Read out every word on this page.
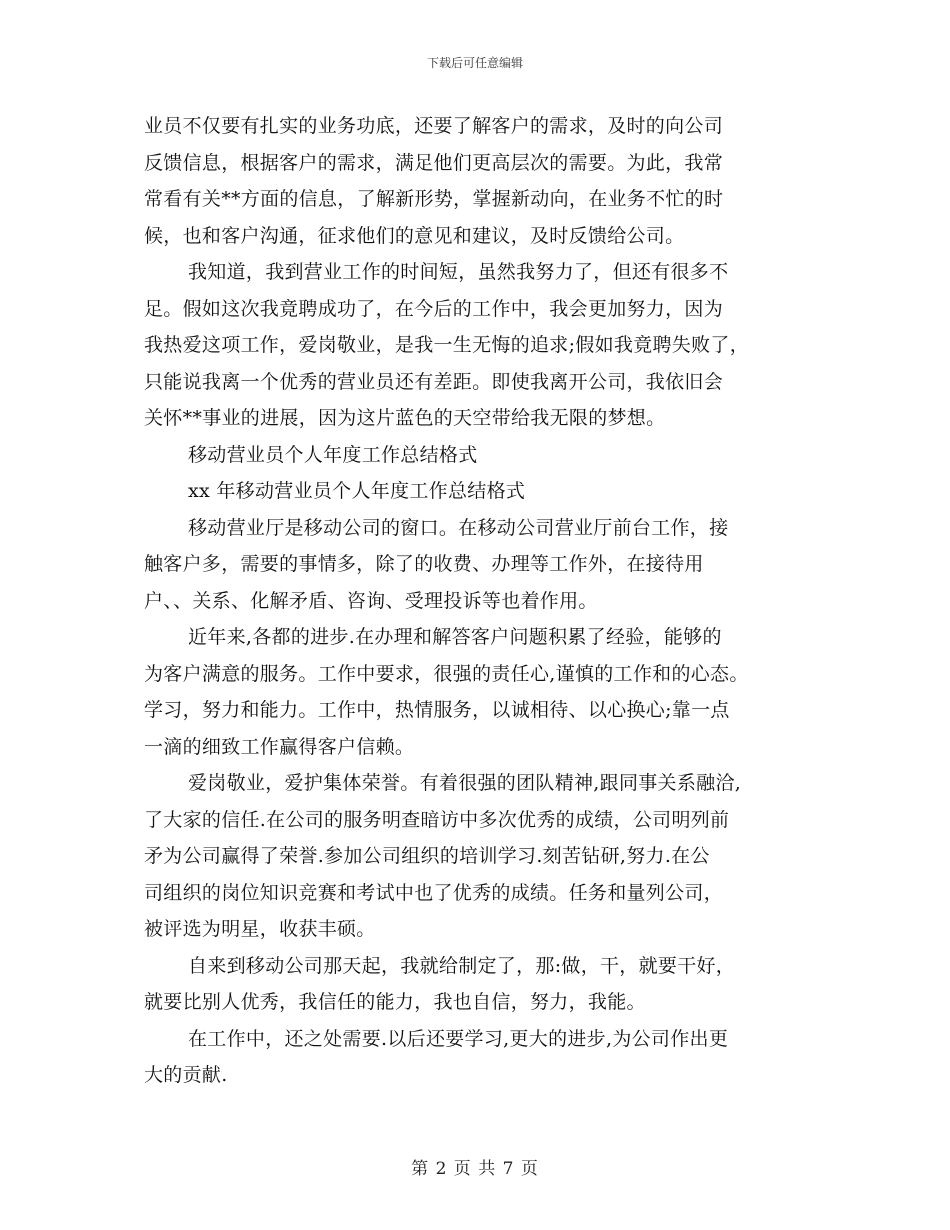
下载后可任意编辑
业员不仅要有扎实的业务功底，还要了解客户的需求，及时的向公司
反馈信息，根据客户的需求，满足他们更高层次的需要。为此，我常
常看有关**方面的信息，了解新形势，掌握新动向，在业务不忙的时
候，也和客户沟通，征求他们的意见和建议，及时反馈给公司。
我知道，我到营业工作的时间短，虽然我努力了，但还有很多不
足。假如这次我竟聘成功了，在今后的工作中，我会更加努力，因为
我热爱这项工作，爱岗敬业，是我一生无悔的追求;假如我竟聘失败了，
只能说我离一个优秀的营业员还有差距。即使我离开公司，我依旧会
关怀**事业的进展，因为这片蓝色的天空带给我无限的梦想。
移动营业员个人年度工作总结格式
xx 年移动营业员个人年度工作总结格式
移动营业厅是移动公司的窗口。在移动公司营业厅前台工作，接
触客户多，需要的事情多，除了的收费、办理等工作外，在接待用
户、、关系、化解矛盾、咨询、受理投诉等也着作用。
近年来,各都的进步.在办理和解答客户问题积累了经验，能够的
为客户满意的服务。工作中要求，很强的责任心,谨慎的工作和的心态。
学习，努力和能力。工作中，热情服务，以诚相待、以心换心;靠一点
一滴的细致工作赢得客户信赖。
爱岗敬业，爱护集体荣誉。有着很强的团队精神,跟同事关系融洽,
了大家的信任.在公司的服务明查暗访中多次优秀的成绩，公司明列前
矛为公司赢得了荣誉.参加公司组织的培训学习.刻苦钻研,努力.在公
司组织的岗位知识竞赛和考试中也了优秀的成绩。任务和量列公司，
被评选为明星，收获丰硕。
自来到移动公司那天起，我就给制定了，那:做，干，就要干好，
就要比别人优秀，我信任的能力，我也自信，努力，我能。
在工作中，还之处需要.以后还要学习,更大的进步,为公司作出更
大的贡献.
第 2 页 共 7 页
